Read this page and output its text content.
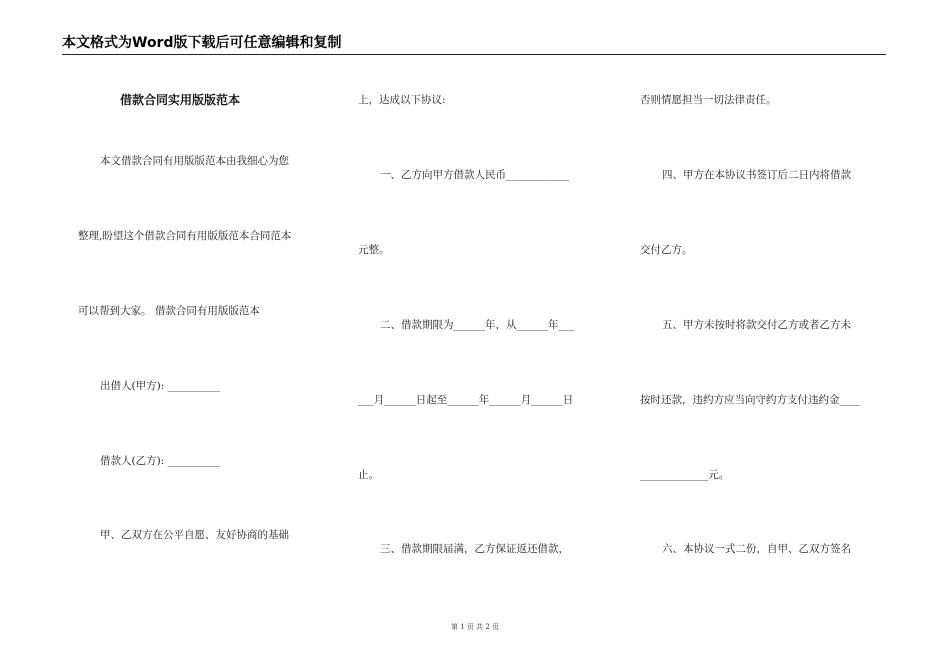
本文格式为Word版下载后可任意编辑和复制
借款合同实用版版范本
本文借款合同有用版版范本由我细心为您
整理,盼望这个借款合同有用版版范本合同范本
可以帮到大家。 借款合同有用版版范本
出借人(甲方): __________
借款人(乙方): __________
甲、乙双方在公平自愿、友好协商的基础
上，达成以下协议:
一、乙方向甲方借款人民币____________
元整。
二、借款期限为______年，从______年___
___月______日起至______年______月______日
止。
三、借款期限届满，乙方保证返还借款，
否则情愿担当一切法律责任。
四、甲方在本协议书签订后二日内将借款
交付乙方。
五、甲方未按时将款交付乙方或者乙方未
按时还款，违约方应当向守约方支付违约金____
_____________元。
六、本协议一式二份，自甲、乙双方签名
第 1 页 共 2 页
